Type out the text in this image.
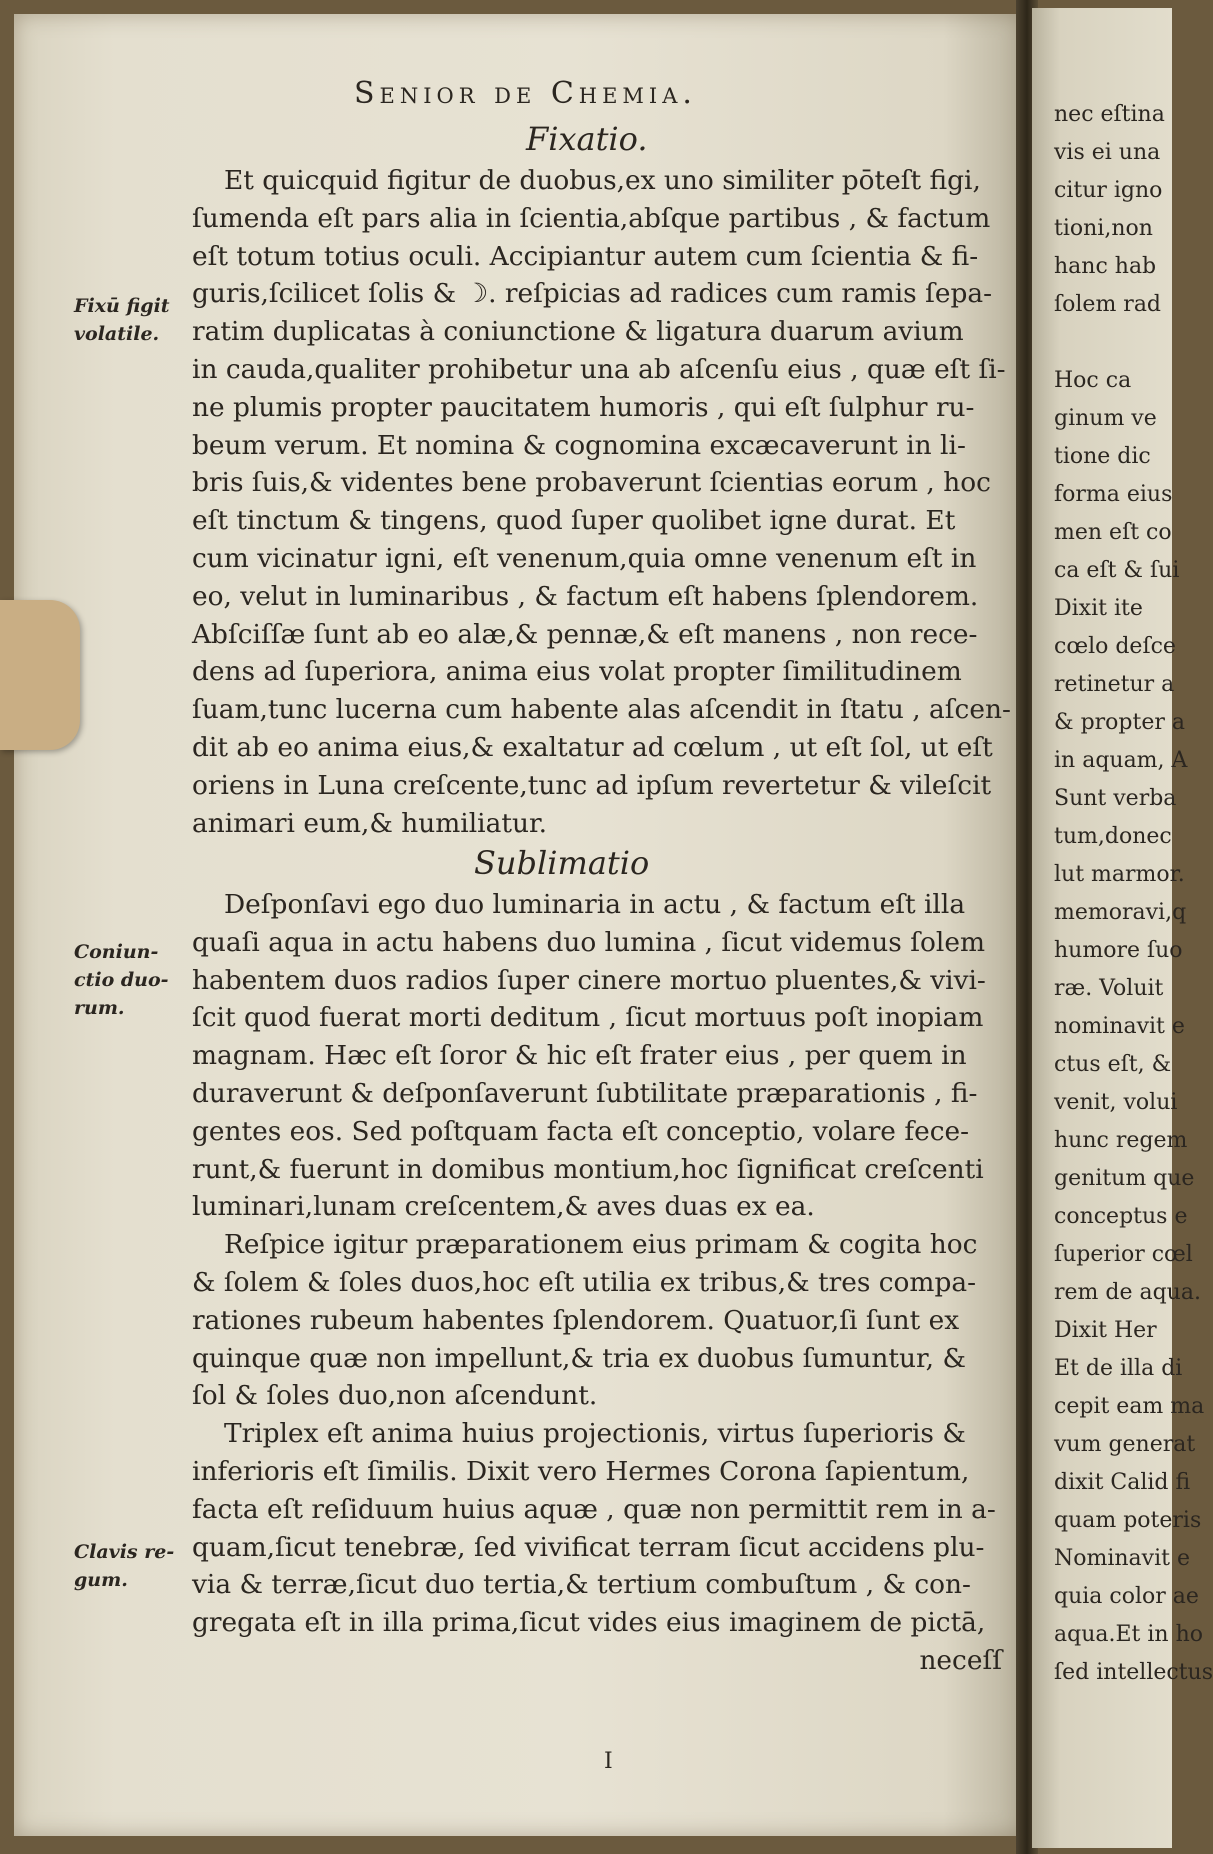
Senior de Chemia.
Fixatio.
Et quicquid figitur de duobus,ex uno similiter pōteſt figi,
ſumenda eſt pars alia in ſcientia,abſque partibus , & factum
eſt totum totius oculi. Accipiantur autem cum ſcientia & fi-
guris,ſcilicet ſolis & ☽. reſpicias ad radices cum ramis ſepa-
ratim duplicatas à coniunctione & ligatura duarum avium
in cauda,qualiter prohibetur una ab aſcenſu eius , quæ eſt ſi-
ne plumis propter paucitatem humoris , qui eſt ſulphur ru-
beum verum. Et nomina & cognomina excæcaverunt in li-
bris ſuis,& videntes bene probaverunt ſcientias eorum , hoc
eſt tinctum & tingens, quod ſuper quolibet igne durat. Et
cum vicinatur igni, eſt venenum,quia omne venenum eſt in
eo, velut in luminaribus , & factum eſt habens ſplendorem.
Abſciſſæ ſunt ab eo alæ,& pennæ,& eſt manens , non rece-
dens ad ſuperiora, anima eius volat propter ſimilitudinem
ſuam,tunc lucerna cum habente alas aſcendit in ſtatu , aſcen-
dit ab eo anima eius,& exaltatur ad cœlum , ut eſt ſol, ut eſt
oriens in Luna creſcente,tunc ad ipſum revertetur & vileſcit
animari eum,& humiliatur.
Sublimatio
Deſponſavi ego duo luminaria in actu , & factum eſt illa
quaſi aqua in actu habens duo lumina , ſicut videmus ſolem
habentem duos radios ſuper cinere mortuo pluentes,& vivi-
ſcit quod fuerat morti deditum , ſicut mortuus poſt inopiam
magnam. Hæc eſt ſoror & hic eſt frater eius , per quem in
duraverunt & deſponſaverunt ſubtilitate præparationis , fi-
gentes eos. Sed poſtquam facta eſt conceptio, volare fece-
runt,& fuerunt in domibus montium,hoc ſignificat creſcenti
luminari,lunam creſcentem,& aves duas ex ea.
Reſpice igitur præparationem eius primam & cogita hoc
& ſolem & ſoles duos,hoc eſt utilia ex tribus,& tres compa-
rationes rubeum habentes ſplendorem. Quatuor,ſi ſunt ex
quinque quæ non impellunt,& tria ex duobus ſumuntur, &
ſol & ſoles duo,non aſcendunt.
Triplex eſt anima huius projectionis, virtus ſuperioris &
inferioris eſt ſimilis. Dixit vero Hermes Corona ſapientum,
facta eſt reſiduum huius aquæ , quæ non permittit rem in a-
quam,ſicut tenebræ, ſed vivificat terram ſicut accidens plu-
via & terræ,ſicut duo tertia,& tertium combuſtum , & con-
gregata eſt in illa prima,ſicut vides eius imaginem de pictā,
neceſſ
Fixū figit
volatile.
Coniun-
ctio duo-
rum.
Clavis re-
gum.
I
nec eſtina
vis ei una
citur igno
tioni,non
hanc hab
ſolem rad
Hoc ca
ginum ve
tione dic
forma eius
men eſt co
ca eſt & ſui
Dixit ite
cœlo deſce
retinetur a
& propter a
in aquam, A
Sunt verba
tum,donec
lut marmor.
memoravi,q
humore ſuo
ræ. Voluit
nominavit e
ctus eſt, &
venit, volui
hunc regem
genitum que
conceptus e
ſuperior cœl
rem de aqua.
Dixit Her
Et de illa di
cepit eam ma
vum generat
dixit Calid fi
quam poteris
Nominavit e
quia color ae
aqua.Et in ho
ſed intellectus
